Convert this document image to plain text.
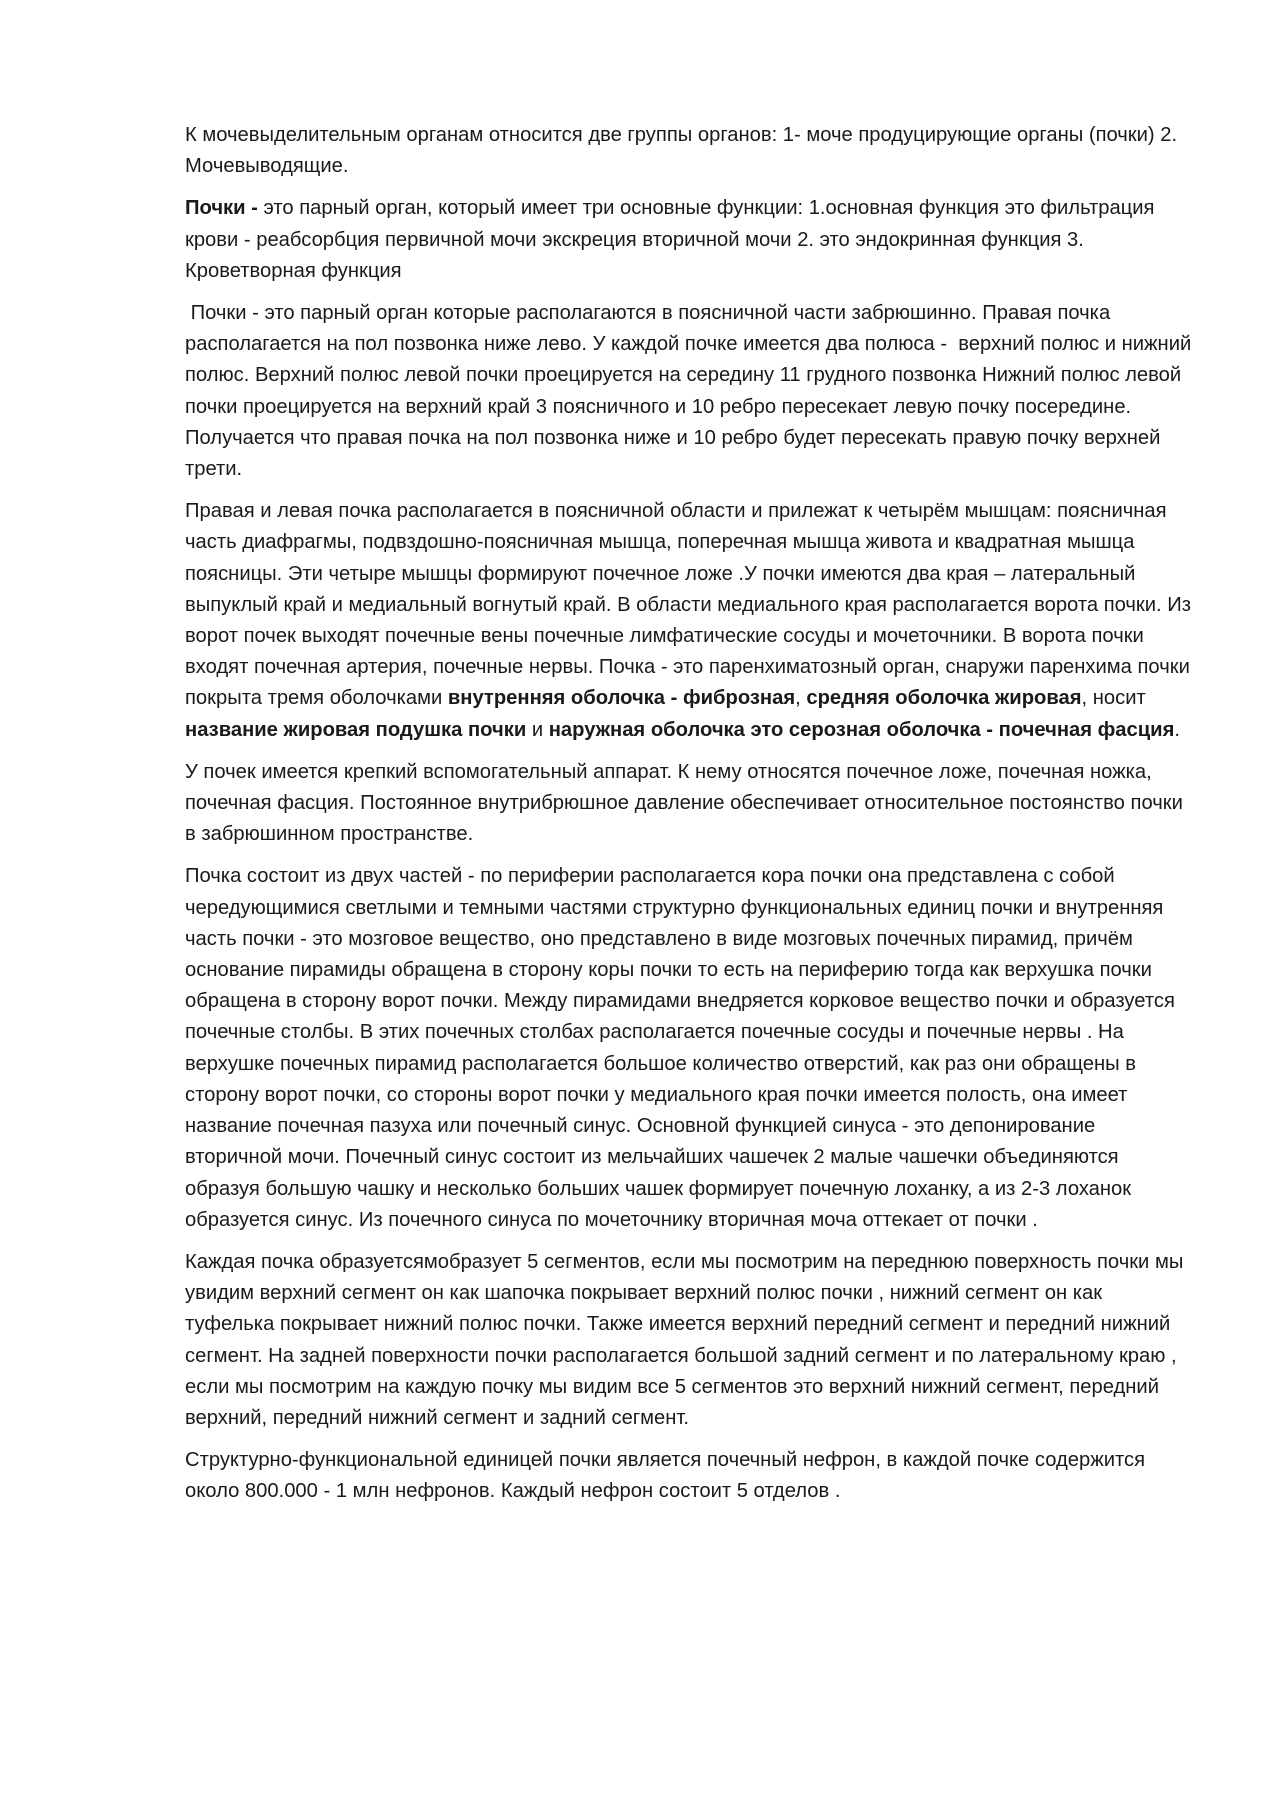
К мочевыделительным органам относится две группы органов: 1- моче продуцирующие органы (почки) 2. Мочевыводящие.

Почки - это парный орган, который имеет три основные функции: 1.основная функция это фильтрация крови - реабсорбция первичной мочи экскреция вторичной мочи 2. это эндокринная функция 3. Кроветворная функция

Почки - это парный орган которые располагаются в поясничной части забрюшинно. Правая почка располагается на пол позвонка ниже лево. У каждой почке имеется два полюса -  верхний полюс и нижний полюс. Верхний полюс левой почки проецируется на середину 11 грудного позвонка Нижний полюс левой почки проецируется на верхний край 3 поясничного и 10 ребро пересекает левую почку посередине. Получается что правая почка на пол позвонка ниже и 10 ребро будет пересекать правую почку верхней трети.

Правая и левая почка располагается в поясничной области и прилежат к четырём мышцам: поясничная часть диафрагмы, подвздошно-поясничная мышца, поперечная мышца живота и квадратная мышца поясницы. Эти четыре мышцы формируют почечное ложе .У почки имеются два края – латеральный выпуклый край и медиальный вогнутый край. В области медиального края располагается ворота почки. Из ворот почек выходят почечные вены почечные лимфатические сосуды и мочеточники. В ворота почки входят почечная артерия, почечные нервы. Почка - это паренхиматозный орган, снаружи паренхима почки покрыта тремя оболочками внутренняя оболочка - фиброзная, средняя оболочка жировая, носит название жировая подушка почки и наружная оболочка это серозная оболочка - почечная фасция.

У почек имеется крепкий вспомогательный аппарат. К нему относятся почечное ложе, почечная ножка, почечная фасция. Постоянное внутрибрюшное давление обеспечивает относительное постоянство почки в забрюшинном пространстве.

Почка состоит из двух частей - по периферии располагается кора почки она представлена с собой чередующимися светлыми и темными частями структурно функциональных единиц почки и внутренняя часть почки - это мозговое вещество, оно представлено в виде мозговых почечных пирамид, причём основание пирамиды обращена в сторону коры почки то есть на периферию тогда как верхушка почки обращена в сторону ворот почки. Между пирамидами внедряется корковое вещество почки и образуется почечные столбы. В этих почечных столбах располагается почечные сосуды и почечные нервы . На верхушке почечных пирамид располагается большое количество отверстий, как раз они обращены в сторону ворот почки, со стороны ворот почки у медиального края почки имеется полость, она имеет название почечная пазуха или почечный синус. Основной функцией синуса - это депонирование вторичной мочи. Почечный синус состоит из мельчайших чашечек 2 малые чашечки объединяются образуя большую чашку и несколько больших чашек формирует почечную лоханку, а из 2-3 лоханок образуется синус. Из почечного синуса по мочеточнику вторичная моча оттекает от почки .

Каждая почка образуетсямобразует 5 сегментов, если мы посмотрим на переднюю поверхность почки мы увидим верхний сегмент он как шапочка покрывает верхний полюс почки , нижний сегмент он как туфелька покрывает нижний полюс почки. Также имеется верхний передний сегмент и передний нижний сегмент. На задней поверхности почки располагается большой задний сегмент и по латеральному краю , если мы посмотрим на каждую почку мы видим все 5 сегментов это верхний нижний сегмент, передний верхний, передний нижний сегмент и задний сегмент.

Структурно-функциональной единицей почки является почечный нефрон, в каждой почке содержится около 800.000 - 1 млн нефронов. Каждый нефрон состоит 5 отделов .
